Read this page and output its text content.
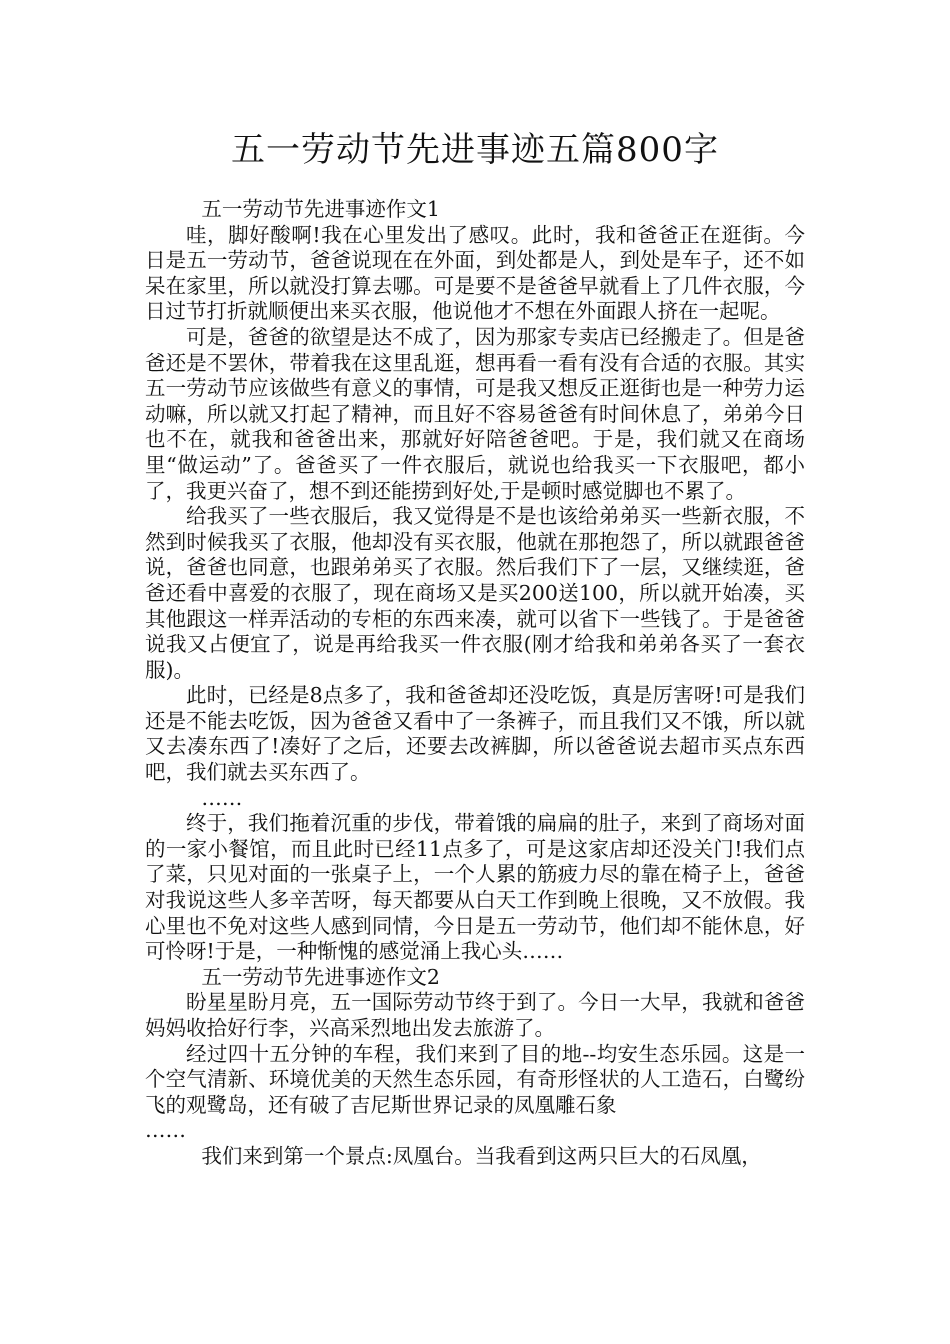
五一劳动节先进事迹五篇800字

五一劳动节先进事迹作文1

哇，脚好酸啊!我在心里发出了感叹。此时，我和爸爸正在逛街。今日是五一劳动节，爸爸说现在在外面，到处都是人，到处是车子，还不如呆在家里，所以就没打算去哪。可是要不是爸爸早就看上了几件衣服，今日过节打折就顺便出来买衣服，他说他才不想在外面跟人挤在一起呢。

可是，爸爸的欲望是达不成了，因为那家专卖店已经搬走了。但是爸爸还是不罢休，带着我在这里乱逛，想再看一看有没有合适的衣服。其实五一劳动节应该做些有意义的事情，可是我又想反正逛街也是一种劳力运动嘛，所以就又打起了精神，而且好不容易爸爸有时间休息了，弟弟今日也不在，就我和爸爸出来，那就好好陪爸爸吧。于是，我们就又在商场里“做运动”了。爸爸买了一件衣服后，就说也给我买一下衣服吧，都小了，我更兴奋了，想不到还能捞到好处,于是顿时感觉脚也不累了。

给我买了一些衣服后，我又觉得是不是也该给弟弟买一些新衣服，不然到时候我买了衣服，他却没有买衣服，他就在那抱怨了，所以就跟爸爸说，爸爸也同意，也跟弟弟买了衣服。然后我们下了一层，又继续逛，爸爸还看中喜爱的衣服了，现在商场又是买200送100，所以就开始凑，买其他跟这一样弄活动的专柜的东西来凑，就可以省下一些钱了。于是爸爸说我又占便宜了，说是再给我买一件衣服(刚才给我和弟弟各买了一套衣服)。

此时，已经是8点多了，我和爸爸却还没吃饭，真是厉害呀!可是我们还是不能去吃饭，因为爸爸又看中了一条裤子，而且我们又不饿，所以就又去凑东西了!凑好了之后，还要去改裤脚，所以爸爸说去超市买点东西吧，我们就去买东西了。

……

终于，我们拖着沉重的步伐，带着饿的扁扁的肚子，来到了商场对面的一家小餐馆，而且此时已经11点多了，可是这家店却还没关门!我们点了菜，只见对面的一张桌子上，一个人累的筋疲力尽的靠在椅子上，爸爸对我说这些人多辛苦呀，每天都要从白天工作到晚上很晚，又不放假。我心里也不免对这些人感到同情，今日是五一劳动节，他们却不能休息，好可怜呀!于是，一种惭愧的感觉涌上我心头……

五一劳动节先进事迹作文2

盼星星盼月亮，五一国际劳动节终于到了。今日一大早，我就和爸爸妈妈收拾好行李，兴高采烈地出发去旅游了。

经过四十五分钟的车程，我们来到了目的地--均安生态乐园。这是一个空气清新、环境优美的天然生态乐园，有奇形怪状的人工造石，白鹭纷飞的观鹭岛，还有破了吉尼斯世界记录的凤凰雕石象

……

我们来到第一个景点:凤凰台。当我看到这两只巨大的石凤凰，
